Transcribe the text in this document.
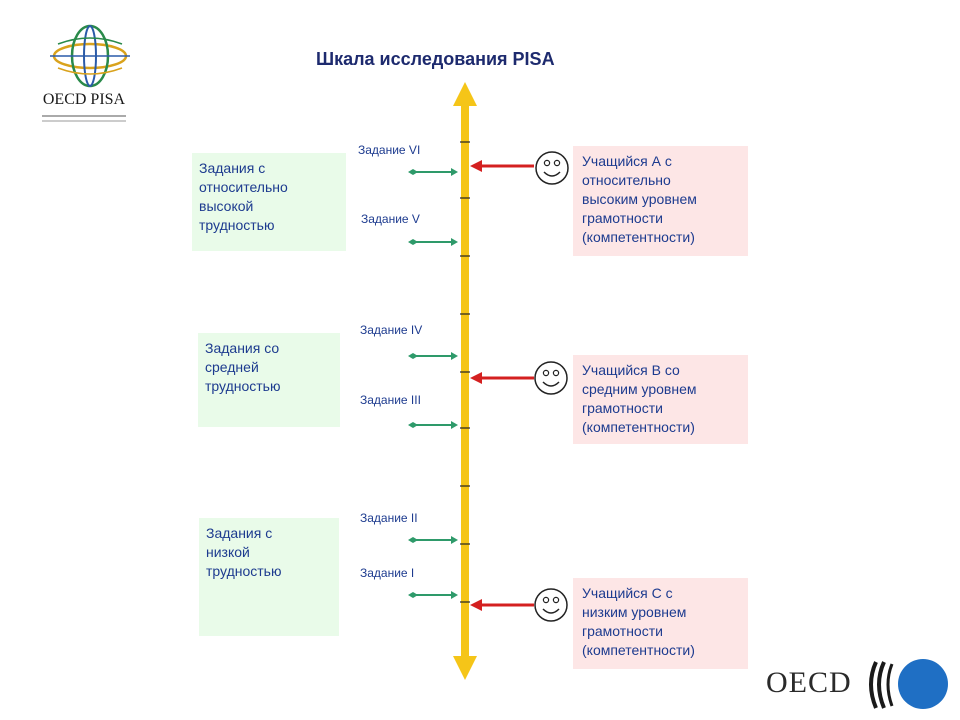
OECD PISA
Шкала исследования PISA
Задания с
относительно
высокой
трудностью
Задания со
средней
трудностью
Задания с
низкой
трудностью
Задание VI
Задание V
Задание IV
Задание III
Задание II
Задание I
Учащийся А с
относительно
высоким уровнем
грамотности
(компетентности)
Учащийся В со
средним уровнем
грамотности
(компетентности)
Учащийся С с
низким уровнем
грамотности
(компетентности)
OECD
